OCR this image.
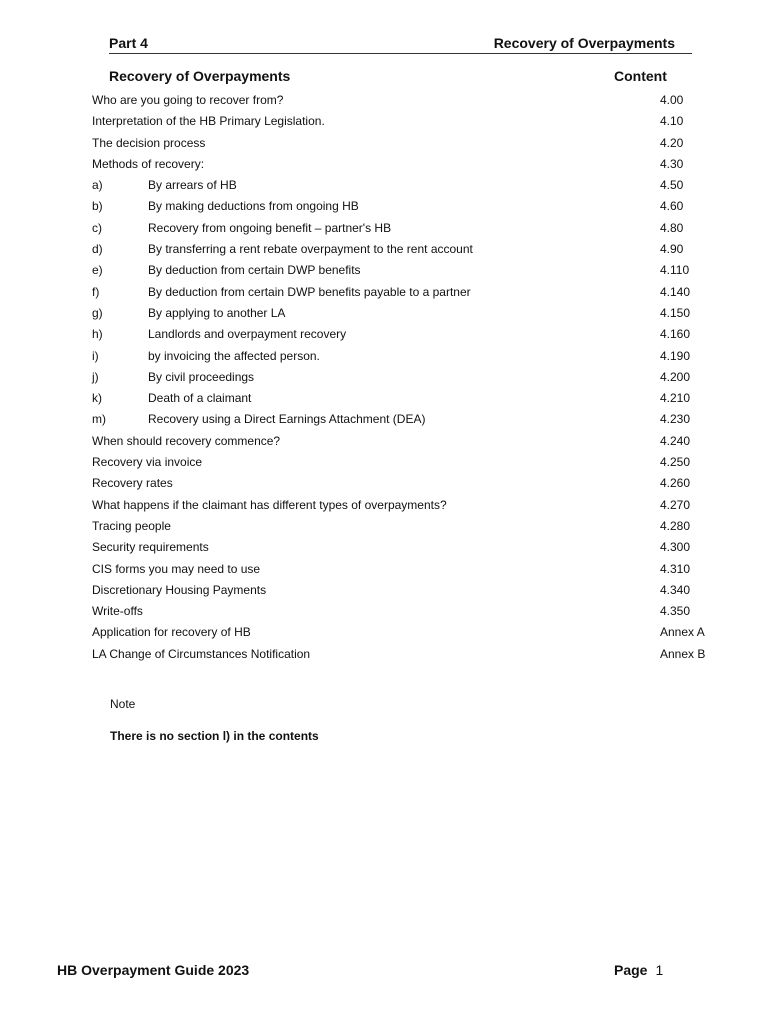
Part 4	Recovery of Overpayments
Recovery of Overpayments	Content
Who are you going to recover from?	4.00
Interpretation of the HB Primary Legislation.	4.10
The decision process	4.20
Methods of recovery:	4.30
a)	By arrears of HB	4.50
b)	By making deductions from ongoing HB	4.60
c)	Recovery from ongoing benefit – partner's HB	4.80
d)	By transferring a rent rebate overpayment to the rent account	4.90
e)	By deduction from certain DWP benefits	4.110
f)	By deduction from certain DWP benefits payable to a partner	4.140
g)	By applying to another LA	4.150
h)	Landlords and overpayment recovery	4.160
i)	by invoicing the affected person.	4.190
j)	By civil proceedings	4.200
k)	Death of a claimant	4.210
m)	Recovery using a Direct Earnings Attachment (DEA)	4.230
When should recovery commence?	4.240
Recovery via invoice	4.250
Recovery rates	4.260
What happens if the claimant has different types of overpayments?	4.270
Tracing people	4.280
Security requirements	4.300
CIS forms you may need to use	4.310
Discretionary Housing Payments	4.340
Write-offs	4.350
Application for recovery of HB	Annex A
LA Change of Circumstances Notification	Annex B
Note
There is no section l) in the contents
HB Overpayment Guide 2023	Page 1
